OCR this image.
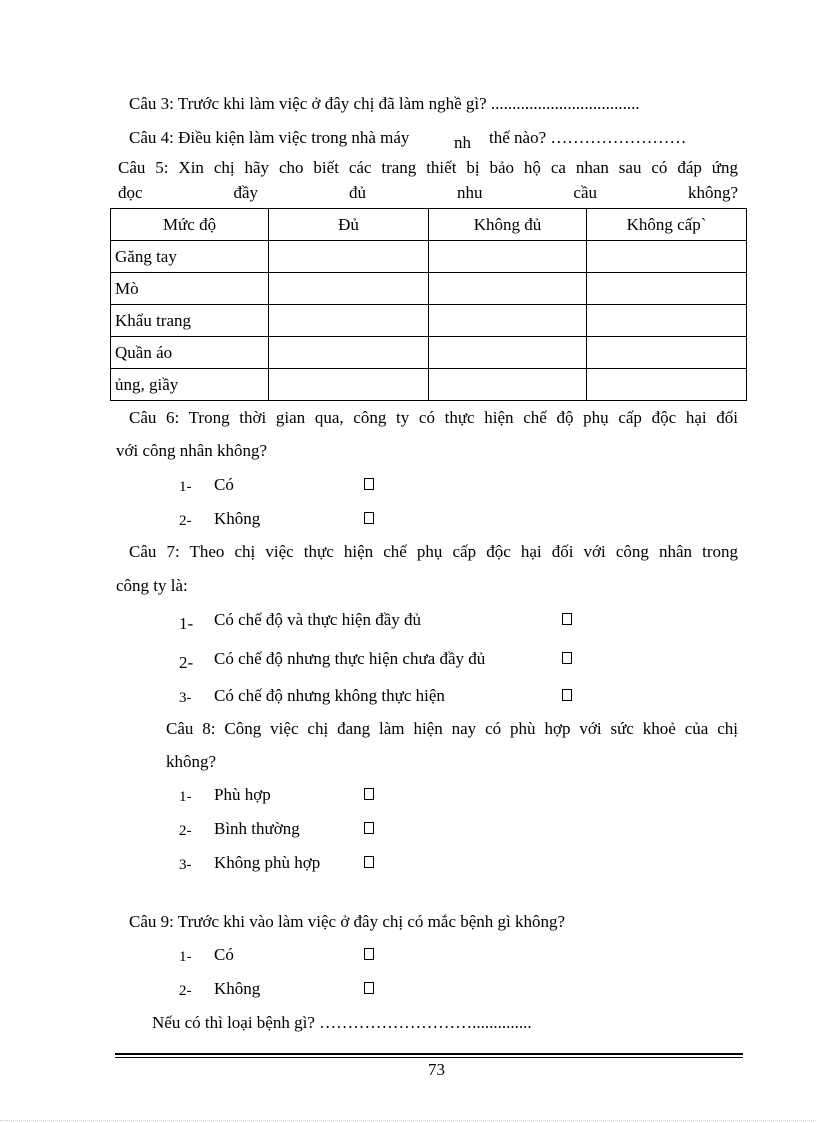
Câu 3: Trước khi làm việc ở đây chị đã làm nghề gì? ...................................
Câu 4: Điều kiện làm việc trong nhà máy	nh thế nào? ……………………
Câu 5: Xin chị hãy cho biết các trang thiết bị bảo hộ ca nhan sau có đáp ứng
đọc đầy đủ nhu cầu không?
Mức độ	Đủ	Không đủ	Không cấp`
Găng tay			
Mò			
Khẩu trang			
Quần áo			
ủng, giầy			
Câu 6: Trong thời gian qua, công ty có thực hiện chế độ phụ cấp độc hại đối
với công nhân không?
1- Có
2- Không
Câu 7: Theo chị việc thực hiện chế phụ cấp độc hại đối với công nhân trong
công ty là:
1- Có chế độ và thực hiện đầy đủ
2- Có chế độ nhưng thực hiện chưa đầy đủ
3- Có chế độ nhưng không thực hiện
Câu 8: Công việc chị đang làm hiện nay có phù hợp với sức khoẻ của chị
không?
1- Phù hợp
2- Bình thường
3- Không phù hợp
Câu 9: Trước khi vào làm việc ở đây chị có mắc bệnh gì không?
1- Có
2- Không
Nếu có thì loại bệnh gì? ………………………..............
73
